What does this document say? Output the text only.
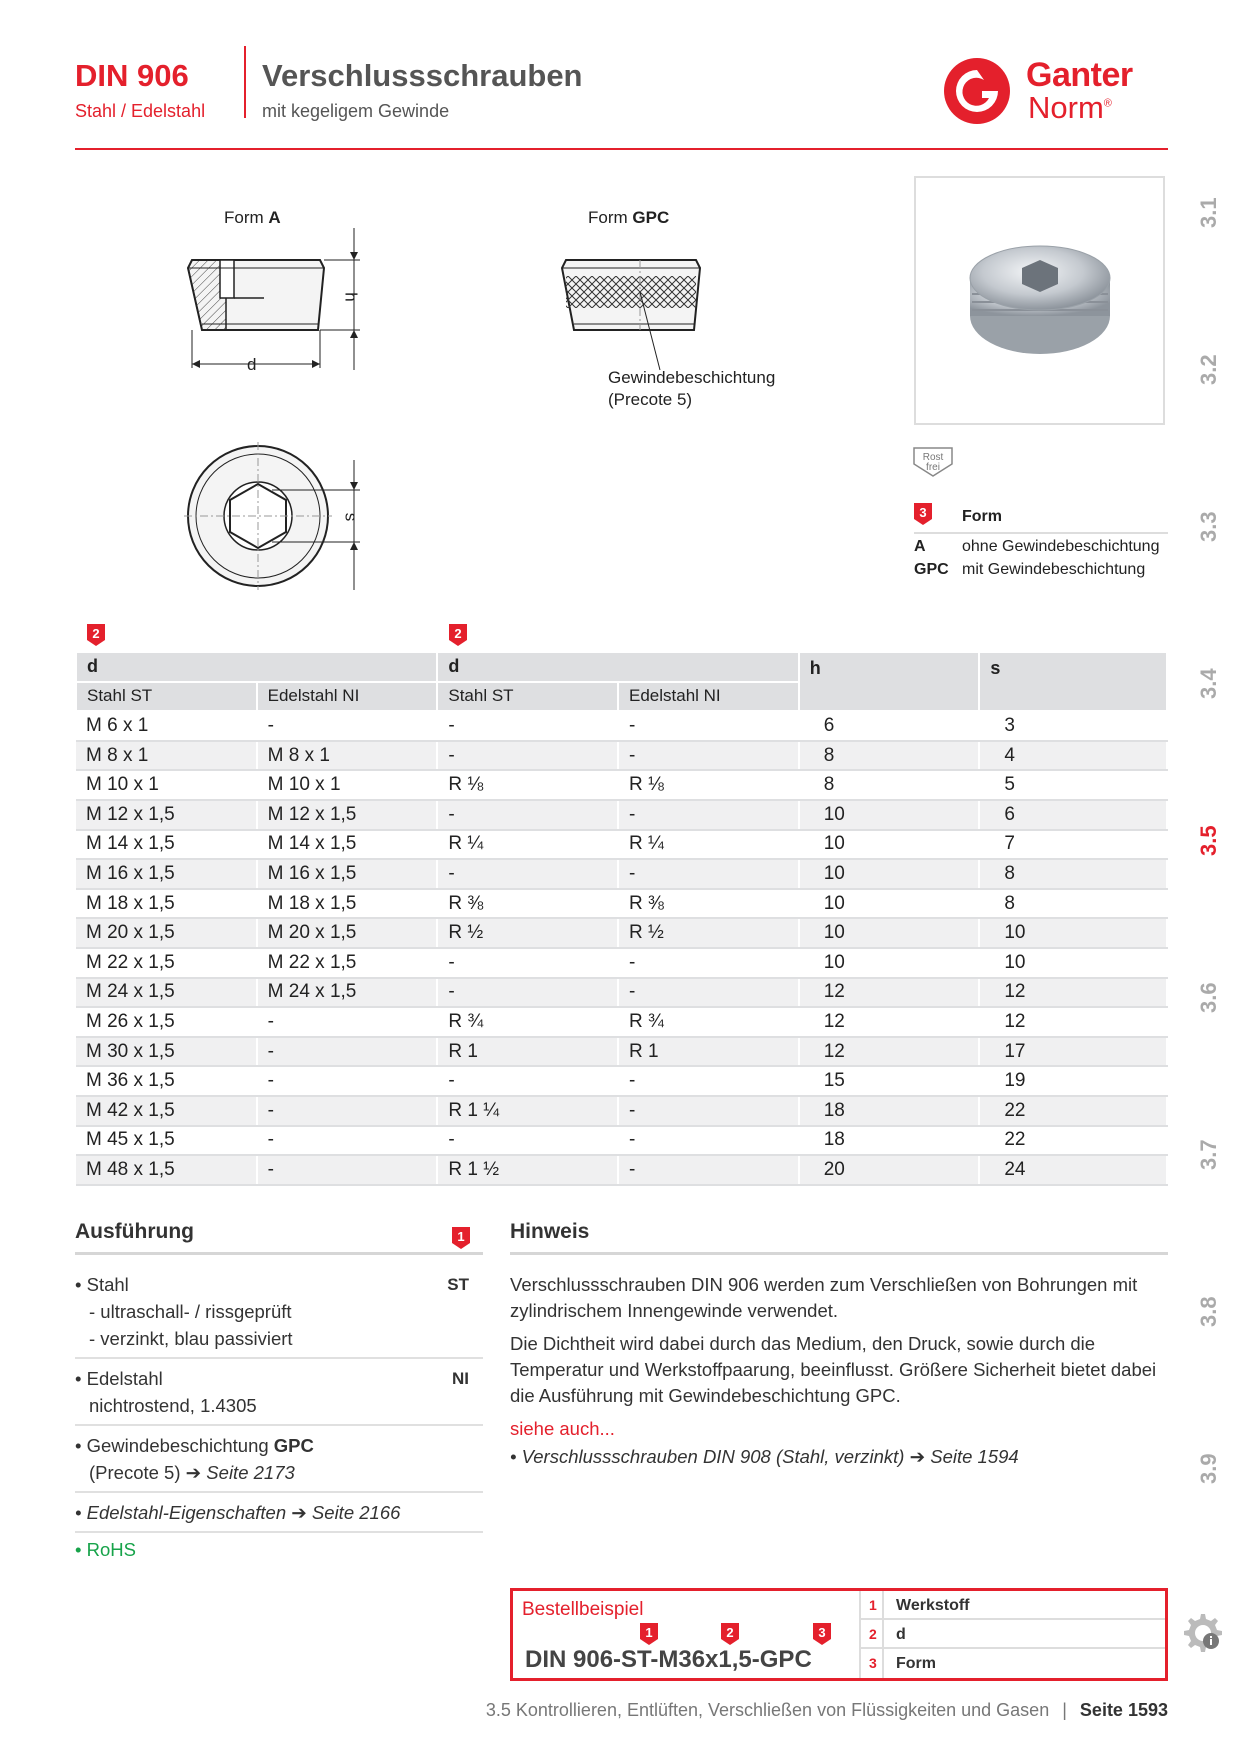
DIN 906
Stahl / Edelstahl
Verschlussschrauben
mit kegeligem Gewinde
Ganter
Norm®
3.1
3.2
3.3
3.4
3.5
3.6
3.7
3.8
3.9
Form A	Form GPC
d
h
Gewindebeschichtung
(Precote 5)
s
Rost
frei
3	Form
A ohne Gewindebeschichtung
GPC mit Gewindebeschichtung
2	2
d		d		h	s
Stahl ST	Edelstahl NI	Stahl ST	Edelstahl NI		
M 6 x 1	-	-	-	6	3
M 8 x 1	M 8 x 1	-	-	8	4
M 10 x 1	M 10 x 1	R ⅛	R ⅛	8	5
M 12 x 1,5	M 12 x 1,5	-	-	10	6
M 14 x 1,5	M 14 x 1,5	R ¼	R ¼	10	7
M 16 x 1,5	M 16 x 1,5	-	-	10	8
M 18 x 1,5	M 18 x 1,5	R ⅜	R ⅜	10	8
M 20 x 1,5	M 20 x 1,5	R ½	R ½	10	10
M 22 x 1,5	M 22 x 1,5	-	-	10	10
M 24 x 1,5	M 24 x 1,5	-	-	12	12
M 26 x 1,5	-	R ¾	R ¾	12	12
M 30 x 1,5	-	R 1	R 1	12	17
M 36 x 1,5	-	-	-	15	19
M 42 x 1,5	-	R 1 ¼	-	18	22
M 45 x 1,5	-	-	-	18	22
M 48 x 1,5	-	R 1 ½	-	20	24
Ausführung	1
• Stahl	ST
- ultraschall- / rissgeprüft
- verzinkt, blau passiviert
• Edelstahl	NI
nichtrostend, 1.4305
• Gewindebeschichtung GPC
(Precote 5) ➔ Seite 2173
• Edelstahl-Eigenschaften ➔ Seite 2166
• RoHS
Hinweis

Verschlussschrauben DIN 906 werden zum Verschließen von Bohrungen mit zylindrischem Innengewinde verwendet.

Die Dichtheit wird dabei durch das Medium, den Druck, sowie durch die Temperatur und Werkstoffpaarung, beeinflusst. Größere Sicherheit bietet dabei die Ausführung mit Gewindebeschichtung GPC.

siehe auch...

• Verschlussschrauben DIN 908 (Stahl, verzinkt) ➔ Seite 1594

Bestellbeispiel
1	2	3
DIN 906-ST-M36x1,5-GPC
1	Werkstoff
2	d
3	Form
3.5 Kontrollieren, Entlüften, Verschließen von Flüssigkeiten und Gasen | Seite 1593
